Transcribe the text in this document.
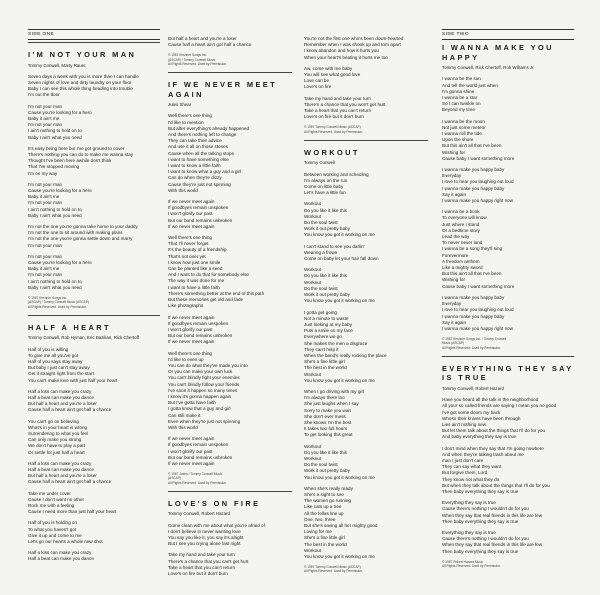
SIDE ONE	SIDE TWO
I'M NOT YOUR MAN
Tommy Conwell, Marty Rauer
Seven days a week with you is more than I can handle
Seven nights of love and dirty laundry on your floor
Baby I can see this whole thing heading into trouble
I'm out the door
I'm not your man
Cause you're looking for a hero
Baby it ain't me
I'm not your man
I ain't nothing to hold on to
Baby I ain't what you need
It's easy being here but I've got ground to cover
There's nothing you can do to make me wanna stay
Thought I've been here awhile don't think
That I've stopped moving
I'm on my way
I'm not your man
Cause you're looking for a hero
Baby it ain't me
I'm not your man
I ain't nothing to hold on to
Baby I ain't what you need
I'm not the one you're gonna take home to your daddy
I'm not the one to sit around with making plans
I'm not the one you're gonna settle down and marry
I'm not your man
I'm not your man
Cause you're looking for a hero
Baby it ain't me
I'm not your man
I ain't nothing to hold on to
Baby I ain't what you need
© 1987 Kirshner Songs Inc.
(ASCAP) / Tommy Conwell Music (ASCAP)
All Rights Reserved. Used by Permission.
HALF A HEART
Tommy Conwell, Rob Hyman, Eric Bazilian, Rick Chertoff
Half of you is willing
To give me all you've got
Half of you says stay away
But baby I just can't stay away
Get it straight right from the start
You can't make love with just half your heart
Half a kiss can make you crazy
Half a beat can make you dance
But half a heart and you're a loser
Cause half a heart ain't got half a chance
You can't go on believing
What's in your heart is wrong
Surrendering to what you feel
Can only make you strong
We don't have to play a part
Or settle for just half a heart
Half a kiss can make you crazy
Half a beat can make you dance
But half a heart and you're a loser
Cause half a heart ain't got half a chance
Take me under cover
Cause I don't want no other
Rock me with a feeling
Cause I need more than just half your heart
Half of you is holding on
To what you haven't got
Give it up and come to me
Let's go our hearts a whole new shot
Half a kiss can make you crazy
Half a beat can make you dance
But half a heart and you're a loser
Cause half a heart ain't got half a chance
© 1987 Kirshner Songs Inc.
(ASCAP) / Tommy Conwell Music
All Rights Reserved. Used by Permission.
IF WE NEVER MEET AGAIN
Jules Shear
Well there's one thing
I'd like to mention
But after everything's already happened
And there's nothing left to change
They can take their advice
And use it all on those stones
Cause when all the talking stops
I want to have something else
I want to know a little faith
I want to know what a guy and a girl
Can do when they're dizzy
Cause they're just not spinning
With this world
If we never meet again
If goodbyes remain unspoken
I won't glorify our past
But our bond remains unbroken
If we never meet again
Well there's one thing
That I'll never forget
It's the beauty of a friendship
That's not over yet
I know how just one smile
Can be planted like a seed
And I want to do that for somebody else
The way it was done for me
I want to have a little faith
There's something better at the end of this path
But these memories get old and fade
Like photographs
If we never meet again
If goodbyes remain unspoken
I won't glorify our past
But our bond remains unbroken
If we never meet again
Well there's one thing
I'd like to even up
You can do what they've made you into
Or you can make your own luck
You can't blindly fight your enemies
You can't blindly follow your friends
I've soon it happen so many times
I know it's gonna happen again
But I've gotta have faith
I gotta know that a guy and girl
Can still make it
Even when they're just not spinning
With this world
If we never meet again
If goodbyes remain unspoken
I won't glorify our past
But our bond remains unbroken
If we never meet again
© 1987 Juters / Tommy Conwell Music
(ASCAP)
All Rights Reserved. Used by Permission.
LOVE'S ON FIRE
Tommy Conwell, Robert Hazard
Come clean with me about what you're afraid of
I don't believe in never wanting love
You say you like it, you say it's alright
But I see you crying alone last night
Take my hand and take your turn
There's a chance that you can't get hurt
Take a heart that you can't return
Love's on fire but it don't burn
You're not the first one who's been down-hearted
Remember when I was shook up and torn apart
I know abandon and how it hurts you
When your heart's beating it hurts me too
Aw, come with me baby
You will see what good love
Love can be
Love's on fire
Take my hand and take your turn
There's a chance that you won't get hurt
Take a heart that you can't return
Love's on fire but it don't burn
© 1987 Tommy Conwell Music (ASCAP)
All Rights Reserved. Used by Permission.
WORKOUT
Tommy Conwell
Between working and schooling
I'm always on the run
Come on little baby
Let's have a little fun
Workout
Do you like it like this
Workout
Do the soul twist
Work it out pretty baby
You know you got it working on me
I can't stand to see you darlin'
Wearing a frown
Come on baby let your hair fall down
Workout
Do you like it like this
Workout
Do the soul twist
Work it out pretty baby
You know you got it working on me
I gotta get going
Not a minute to waste
Just looking at my baby
Puts a smile on my face
Everywhere we go
She makes the men a disgrace
They can't help it
When the band's really rocking the place
She's a fine little girl
The best in the world
Workout
You know you got it working on me
When I go driving with my girl
I'm always there too
She just laughs when I say
Sorry to make you wait
She don't ever mess
She knows I'm the best
It takes two full hours
To get looking this great
Workout
Do you like it like this
Workout
Do the soul twist
Work it out pretty baby
You know you got it working on me
When she's really ready
She's a sight to see
The women go running
Like cats up a tree
All the fellas line up
One, two, three
But she's saving all her mighty good
Loving for me
She's a fine little girl
The best in the world
Workout
You know you got it working on me
© 1987 Tommy Conwell Music (ASCAP)
All Rights Reserved. Used by Permission.
I WANNA MAKE YOU HAPPY
Tommy Conwell, Rick Chertoff, Rob Williams Jr.
I wanna be the sun
And tell the world just when
I'm gonna shine
I wanna be a star
So I can twinkle on
Beyond my time
I wanna be the moon
Not just some meteor
I wanna roll the tide
Upon the shore
But this ain't all that I've been
Wishing for
Cause baby I want something more
I wanna make you happy baby
Everyday
I love to hear you laughing out loud
I wanna make you happy baby
Say it again
I wanna make you happy right now
I wanna be a book
To everyone will know
Just where I stand
Or a bedtime story
Lead the way
To never never land
I wanna be a song they'll sing
Forevermore
A freedom anthem
Like a mighty sword
But this ain't all that I've been
Wishing for
Cause baby I want something more
I wanna make you happy baby
Everyday
I love to hear you laughing out loud
I wanna make you happy baby
Say it again
I wanna make you happy right now
© 1987 Kirshner Songs Inc. / Tommy Conwell
Music (ASCAP)
All Rights Reserved. Used by Permission.
EVERYTHING THEY SAY IS TRUE
Tommy Conwell, Robert Hazard
Have you heard all the talk in the neighborhood
All your so called friends are saying I mean you no good
I've got some doom my back
Whoso their knives have been through
Lies ain't nothing new
But let them talk about the things that I'll do for you
And baby everything they say is true
I don't mind when they say that I'm going nowhere
And when they're talking trash about me
man I just don't care
They can say what they want
But forgive them, Lord
They know not what they do
But when they talk about the things that I'll do for you
Then baby everything they say is true
Everything they say is true
Cause there's nothing I wouldn't do for you
When they say that real friends in this life are few
Then baby everything they say is true
Everything they say is true
Cause there's nothing I wouldn't do for you
When they say that real friends in this life are few
Then baby everything they say is true
© 1987 Robert Hazard Music
All Rights Reserved. Used by Permission.
